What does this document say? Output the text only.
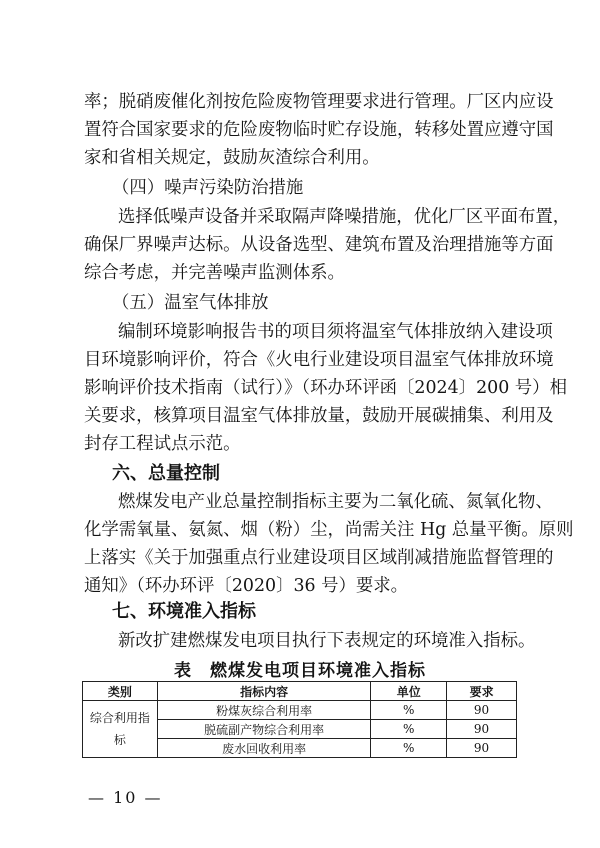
率；脱硝废催化剂按危险废物管理要求进行管理。厂区内应设
置符合国家要求的危险废物临时贮存设施，转移处置应遵守国
家和省相关规定，鼓励灰渣综合利用。
（四）噪声污染防治措施
选择低噪声设备并采取隔声降噪措施，优化厂区平面布置，
确保厂界噪声达标。从设备选型、建筑布置及治理措施等方面
综合考虑，并完善噪声监测体系。
（五）温室气体排放
编制环境影响报告书的项目须将温室气体排放纳入建设项
目环境影响评价，符合《火电行业建设项目温室气体排放环境
影响评价技术指南（试行）》（环办环评函〔2024〕200 号）相
关要求，核算项目温室气体排放量，鼓励开展碳捕集、利用及
封存工程试点示范。
六、总量控制
燃煤发电产业总量控制指标主要为二氧化硫、氮氧化物、
化学需氧量、氨氮、烟（粉）尘，尚需关注 Hg 总量平衡。原则
上落实《关于加强重点行业建设项目区域削减措施监督管理的
通知》（环办环评〔2020〕36 号）要求。
七、环境准入指标
新改扩建燃煤发电项目执行下表规定的环境准入指标。
表　燃煤发电项目环境准入指标
类别	指标内容	单位	要求
综合利用指标	粉煤灰综合利用率	%	90
	脱硫副产物综合利用率	%	90
	废水回收利用率	%	90
— 10 —
